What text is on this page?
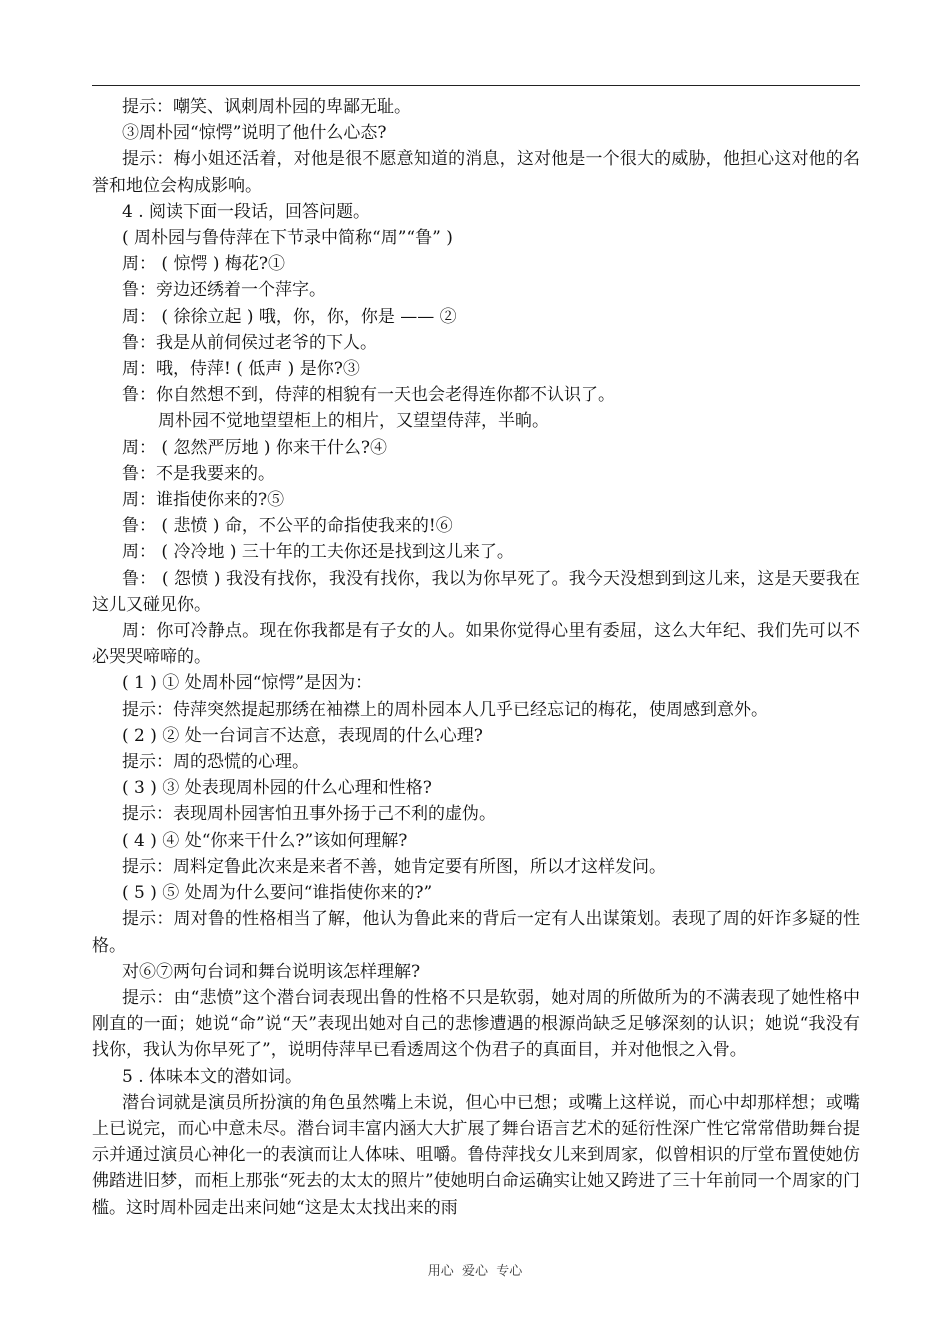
提示：嘲笑、讽刺周朴园的卑鄙无耻。

③周朴园“惊愕”说明了他什么心态?

提示：梅小姐还活着，对他是很不愿意知道的消息，这对他是一个很大的威胁，他担心这对他的名誉和地位会构成影响。

4 . 阅读下面一段话，回答问题。

( 周朴园与鲁侍萍在下节录中简称“周”“鲁” )

周： ( 惊愕 ) 梅花?①

鲁：旁边还绣着一个萍字。

周： ( 徐徐立起 ) 哦，你，你，你是 —— ②

鲁：我是从前伺侯过老爷的下人。

周：哦，侍萍! ( 低声 ) 是你?③

鲁：你自然想不到，侍萍的相貌有一天也会老得连你都不认识了。

周朴园不觉地望望柜上的相片，又望望侍萍，半晌。

周： ( 忽然严厉地 ) 你来干什么?④

鲁：不是我要来的。

周：谁指使你来的?⑤

鲁： ( 悲愤 ) 命，不公平的命指使我来的!⑥

周： ( 冷冷地 ) 三十年的工夫你还是找到这儿来了。

鲁： ( 怨愤 ) 我没有找你，我没有找你，我以为你早死了。我今天没想到到这儿来，这是天要我在这儿又碰见你。

周：你可冷静点。现在你我都是有子女的人。如果你觉得心里有委屈，这么大年纪、我们先可以不必哭哭啼啼的。

( 1 ) ① 处周朴园“惊愕”是因为：

提示：侍萍突然提起那绣在袖襟上的周朴园本人几乎已经忘记的梅花，使周感到意外。

( 2 ) ② 处一台词言不达意，表现周的什么心理?

提示：周的恐慌的心理。

( 3 ) ③ 处表现周朴园的什么心理和性格?

提示：表现周朴园害怕丑事外扬于己不利的虚伪。

( 4 ) ④ 处“你来干什么?”该如何理解?

提示：周料定鲁此次来是来者不善，她肯定要有所图，所以才这样发问。

( 5 ) ⑤ 处周为什么要问“谁指使你来的?”

提示：周对鲁的性格相当了解，他认为鲁此来的背后一定有人出谋策划。表现了周的奸诈多疑的性格。

对⑥⑦两句台词和舞台说明该怎样理解?

提示：由“悲愤”这个潜台词表现出鲁的性格不只是软弱，她对周的所做所为的不满表现了她性格中刚直的一面；她说“命”说“天”表现出她对自己的悲惨遭遇的根源尚缺乏足够深刻的认识；她说“我没有找你，我认为你早死了”，说明侍萍早已看透周这个伪君子的真面目，并对他恨之入骨。

5 . 体味本文的潜如词。

潜台词就是演员所扮演的角色虽然嘴上未说，但心中已想；或嘴上这样说，而心中却那样想；或嘴上已说完，而心中意未尽。潜台词丰富内涵大大扩展了舞台语言艺术的延衍性深广性它常常借助舞台提示并通过演员心神化一的表演而让人体味、咀嚼。鲁侍萍找女儿来到周家，似曾相识的厅堂布置使她仿佛踏进旧梦，而柜上那张“死去的太太的照片”使她明白命运确实让她又跨进了三十年前同一个周家的门槛。这时周朴园走出来问她“这是太太找出来的雨

用心  爱心  专心
